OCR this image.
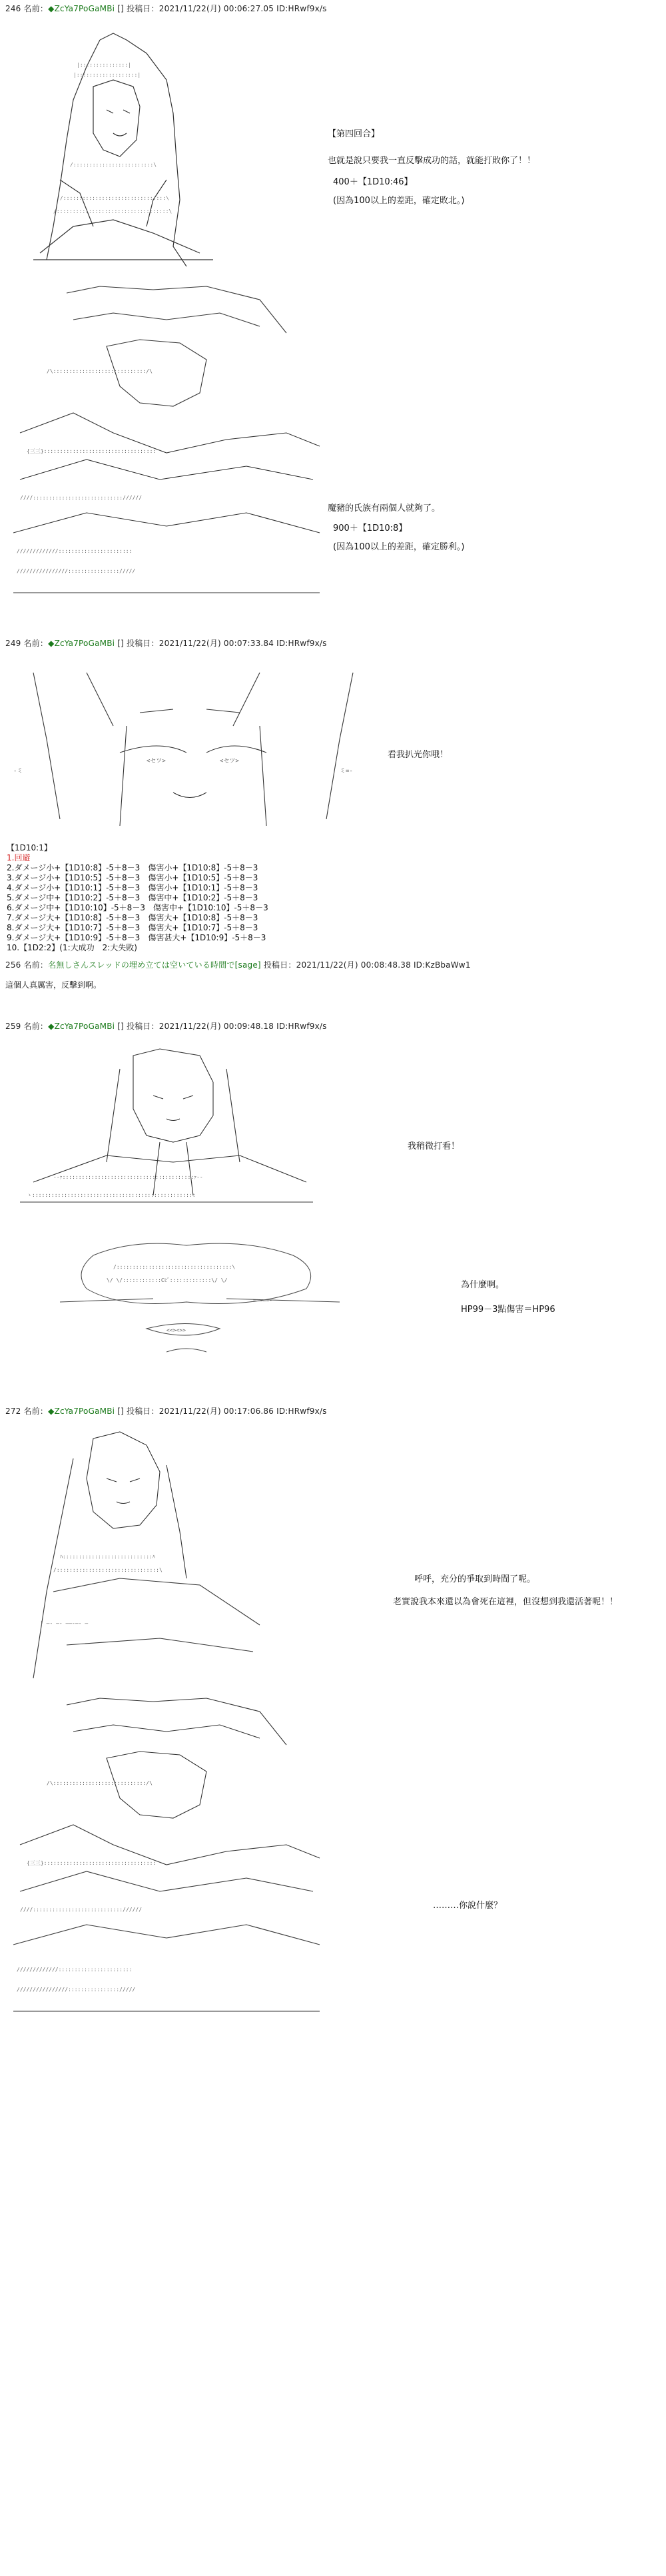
246 名前：◆ZcYa7PoGaMBi [] 投稿日：2021/11/22(月) 00:06:27.05 ID:HRwf9x/s
|:::::::::::::::|
|:::::::::::::::::::|
/:::::::::::::::::::::::::\
/::::::::::::::::::::::::::::::::\
/:::::::::::::::::::::::::::::::::::\
【第四回合】
也就是說只要我一直反擊成功的話，就能打敗你了！！
400＋【1D10:46】
(因為100以上的差距，確定敗北。)
/\:::::::::::::::::::::::::::::/\
{三三}:::::::::::::::::::::::::::::::::::
////:::::::::::::::::::::::::::://////
/////////////:::::::::::::::::::::::
////////////////:::::::::::::::://///
魔豬的氏族有兩個人就夠了。
900＋【1D10:8】
(因為100以上的差距，確定勝利。)
249 名前：◆ZcYa7PoGaMBi [] 投稿日：2021/11/22(月) 00:07:33.84 ID:HRwf9x/s
-ミ	ミ=-
<セツ>	<セツ>
看我扒光你哦！
【1D10:1】
1.回避
2.ダメージ小+【1D10:8】-5＋8－3　傷害小+【1D10:8】-5＋8－3
3.ダメージ小+【1D10:5】-5＋8－3　傷害小+【1D10:5】-5＋8－3
4.ダメージ小+【1D10:1】-5＋8－3　傷害小+【1D10:1】-5＋8－3
5.ダメージ中+【1D10:2】-5＋8－3　傷害中+【1D10:2】-5＋8－3
6.ダメージ中+【1D10:10】-5＋8－3　傷害中+【1D10:10】-5＋8－3
7.ダメージ大+【1D10:8】-5＋8－3　傷害大+【1D10:8】-5＋8－3
8.ダメージ大+【1D10:7】-5＋8－3　傷害大+【1D10:7】-5＋8－3
9.ダメージ大+【1D10:9】-5＋8－3　傷害甚大+【1D10:9】-5＋8－3
10.【1D2:2】(1:大成功　2:大失敗)
256 名前：名無しさんスレッドの埋め立ては空いている時間で[sage] 投稿日：2021/11/22(月) 00:08:48.38 ID:KzBbaWw1
這個人真厲害，反擊到啊。
259 名前：◆ZcYa7PoGaMBi [] 投稿日：2021/11/22(月) 00:09:48.18 ID:HRwf9x/s
-‐ｧ:::::::::::::::::::::::::::::::::::::::::ｧ‐-
ゝ:::::::::::::::::::::::::::::::::::::::::::::::::::
我稍微打看！
/::::::::::::::::::::::::::::::::::::\
\/ \/::::::::::::Cﾋﾞ:::::::::::::\/ \/
=====-
<<><>>
為什麼啊。
HP99－3點傷害＝HP96
272 名前：◆ZcYa7PoGaMBi [] 投稿日：2021/11/22(月) 00:17:06.86 ID:HRwf9x/s
ﾊ::::::::::::::::::::::::::::ﾊ
/::::::::::::::::::::::::::::::::\
| ―‐ ―‐ ――‐―‐ ―
呼呼，充分的爭取到時間了呢。
老實說我本來還以為會死在這裡，但沒想到我還活著呢！！
/\:::::::::::::::::::::::::::::/\
{三三}:::::::::::::::::::::::::::::::::::
////:::::::::::::::::::::::::::://////
/////////////:::::::::::::::::::::::
////////////////:::::::::::::::://///
………你說什麼？
